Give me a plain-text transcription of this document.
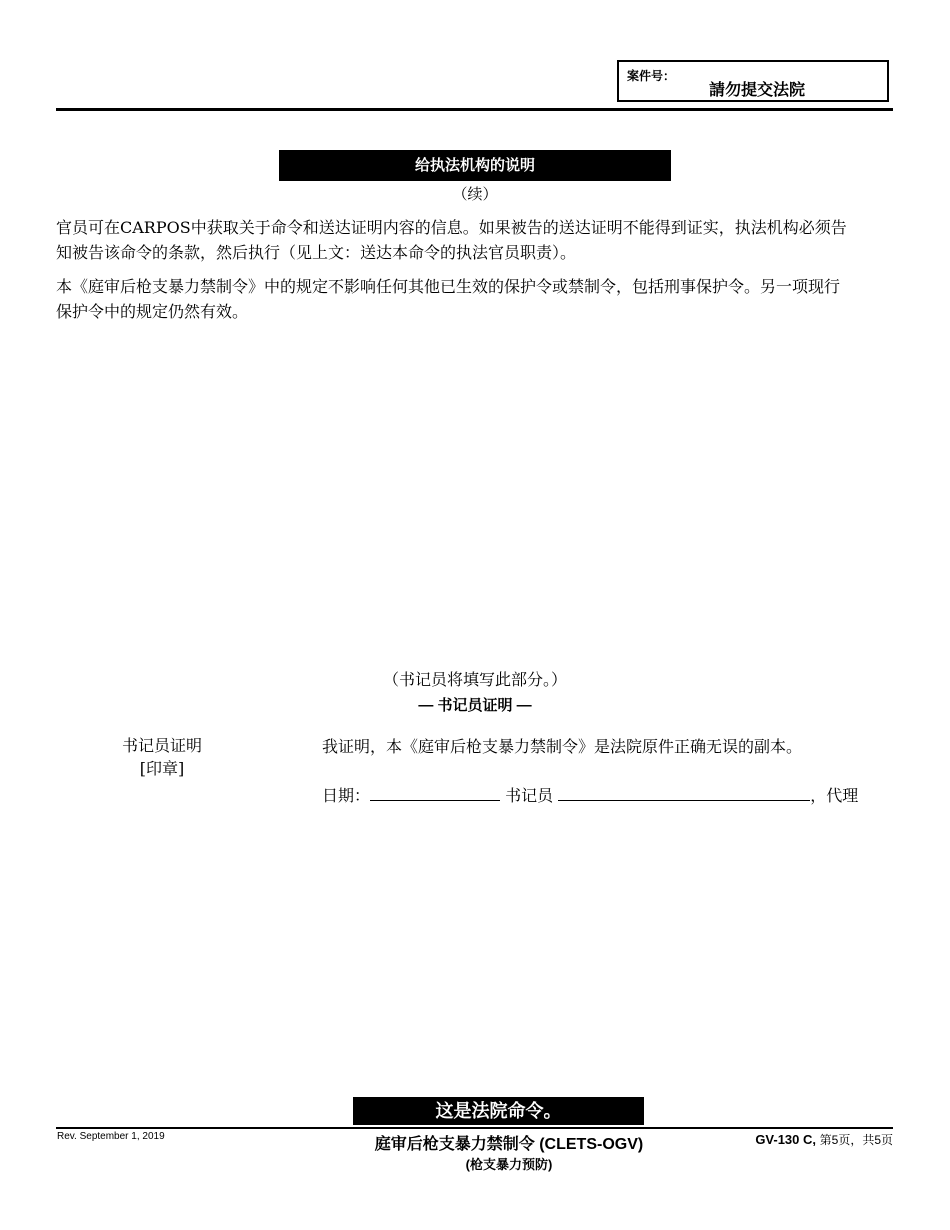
案件号：
請勿提交法院
给执法机构的说明
（续）
官员可在CARPOS中获取关于命令和送达证明内容的信息。如果被告的送达证明不能得到证实，执法机构必须告
知被告该命令的条款，然后执行（见上文：送达本命令的执法官员职责）。
本《庭审后枪支暴力禁制令》中的规定不影响任何其他已生效的保护令或禁制令，包括刑事保护令。另一项现行
保护令中的规定仍然有效。
（书记员将填写此部分。）
— 书记员证明 —
书记员证明
[印章]
我证明，本《庭审后枪支暴力禁制令》是法院原件正确无误的副本。
日期：	书记员	，代理
这是法院命令。
Rev. September 1, 2019	庭审后枪支暴力禁制令 (CLETS-OGV)
(枪支暴力预防)
GV-130 C, 第5页，共5页
